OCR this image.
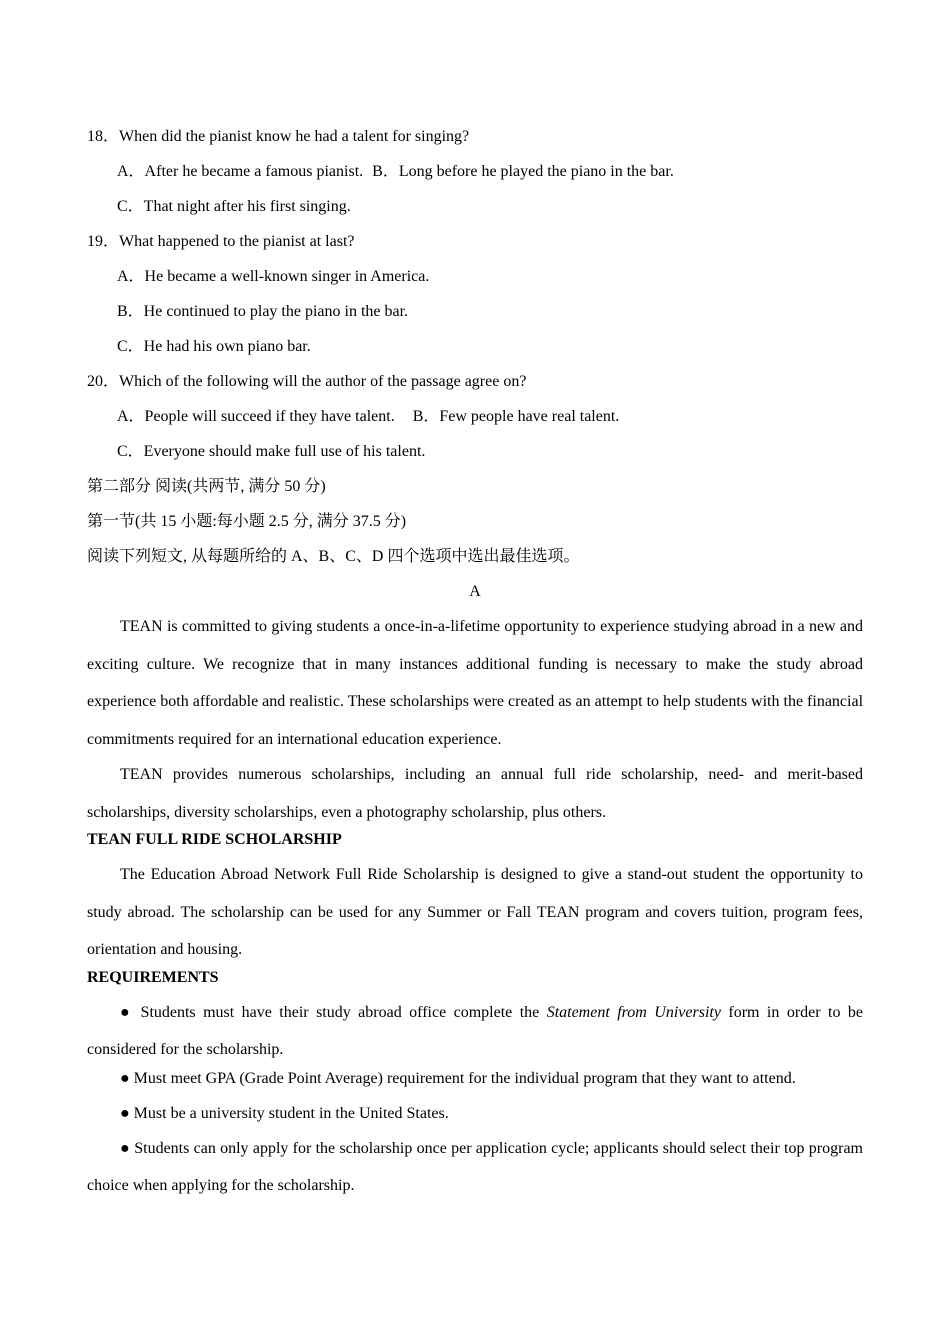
18．When did the pianist know he had a talent for singing?
A．After he became a famous pianist. B．Long before he played the piano in the bar.
C．That night after his first singing.
19．What happened to the pianist at last?
A．He became a well-known singer in America.
B．He continued to play the piano in the bar.
C．He had his own piano bar.
20．Which of the following will the author of the passage agree on?
A．People will succeed if they have talent. B．Few people have real talent.
C．Everyone should make full use of his talent.
第二部分 阅读(共两节, 满分 50 分)
第一节(共 15 小题:每小题 2.5 分, 满分 37.5 分)
阅读下列短文, 从每题所给的 A、B、C、D 四个选项中选出最佳选项。
A
TEAN is committed to giving students a once-in-a-lifetime opportunity to experience studying abroad in a new and exciting culture. We recognize that in many instances additional funding is necessary to make the study abroad experience both affordable and realistic. These scholarships were created as an attempt to help students with the financial commitments required for an international education experience.
TEAN provides numerous scholarships, including an annual full ride scholarship, need- and merit-based scholarships, diversity scholarships, even a photography scholarship, plus others.
TEAN FULL RIDE SCHOLARSHIP
The Education Abroad Network Full Ride Scholarship is designed to give a stand-out student the opportunity to study abroad. The scholarship can be used for any Summer or Fall TEAN program and covers tuition, program fees, orientation and housing.
REQUIREMENTS
● Students must have their study abroad office complete the Statement from University form in order to be considered for the scholarship.
● Must meet GPA (Grade Point Average) requirement for the individual program that they want to attend.
● Must be a university student in the United States.
● Students can only apply for the scholarship once per application cycle; applicants should select their top program choice when applying for the scholarship.
